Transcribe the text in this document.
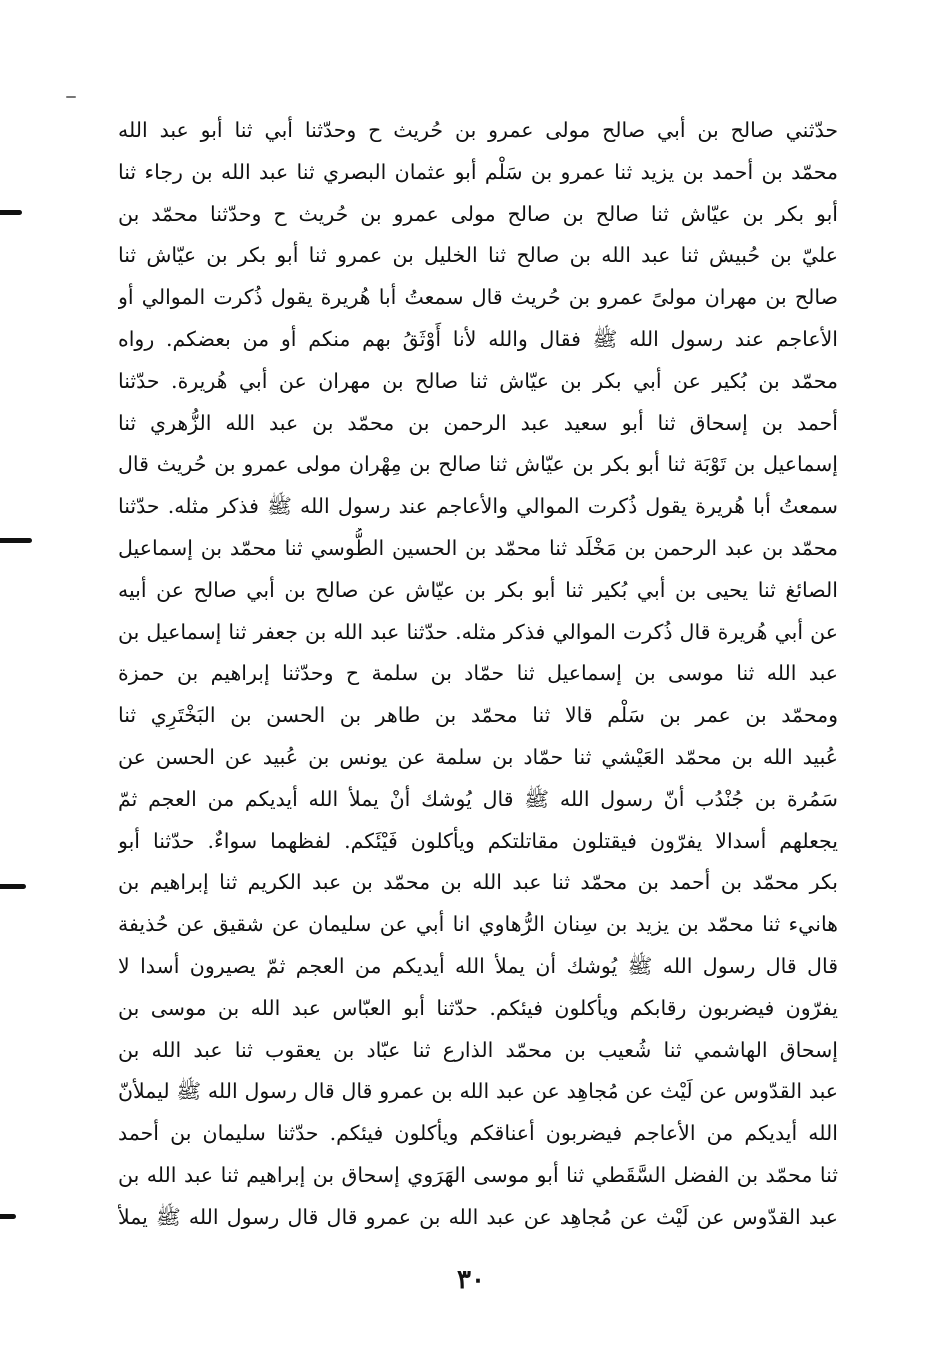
حدّثني صالح بن أبي صالح مولى عمرو بن حُريث ح وحدّثنا أبي ثنا أبو عبد الله
محمّد بن أحمد بن يزيد ثنا عمرو بن سَلْم أبو عثمان البصري ثنا عبد الله بن رجاء ثنا
أبو بكر بن عيّاش ثنا صالح بن صالح مولى عمرو بن حُريث ح وحدّثنا محمّد بن
عليّ بن حُبيش ثنا عبد الله بن صالح ثنا الخليل بن عمرو ثنا أبو بكر بن عيّاش ثنا
صالح بن مهران مولىً عمرو بن حُريث قال سمعتُ أبا هُريرة يقول ذُكرت الموالي أو
الأعاجم عند رسول الله ﷺ فقال والله لأنا أَوْثَقُ بهم منكم أو من بعضكم. رواه
محمّد بن بُكير عن أبي بكر بن عيّاش ثنا صالح بن مهران عن أبي هُريرة. حدّثنا
أحمد بن إسحاق ثنا أبو سعيد عبد الرحمن بن محمّد بن عبد الله الزُّهري ثنا
إسماعيل بن تَوْبَة ثنا أبو بكر بن عيّاش ثنا صالح بن مِهْران مولى عمرو بن حُريث قال
سمعتُ أبا هُريرة يقول ذُكرت الموالي والأعاجم عند رسول الله ﷺ فذكر مثله. حدّثنا
محمّد بن عبد الرحمن بن مَخْلَد ثنا محمّد بن الحسين الطُّوسي ثنا محمّد بن إسماعيل
الصائغ ثنا يحيى بن أبي بُكير ثنا أبو بكر بن عيّاش عن صالح بن أبي صالح عن أبيه
عن أبي هُريرة قال ذُكرت الموالي فذكر مثله. حدّثنا عبد الله بن جعفر ثنا إسماعيل بن
عبد الله ثنا موسى بن إسماعيل ثنا حمّاد بن سلمة ح وحدّثنا إبراهيم بن حمزة
ومحمّد بن عمر بن سَلْم قالا ثنا محمّد بن طاهر بن الحسن بن البَخْتَرِي ثنا
عُبيد الله بن محمّد العَيْشي ثنا حمّاد بن سلمة عن يونس بن عُبيد عن الحسن عن
سَمُرة بن جُنْدُب أنّ رسول الله ﷺ قال يُوشك أنْ يملأ الله أيديكم من العجم ثمّ
يجعلهم أسدالا يفرّون فيقتلون مقاتلتكم ويأكلون فَيْئَكم. لفظهما سواءٌ. حدّثنا أبو
بكر محمّد بن أحمد بن محمّد ثنا عبد الله بن محمّد بن عبد الكريم ثنا إبراهيم بن
هانيء ثنا محمّد بن يزيد بن سِنان الرُّهاوي انا أبي عن سليمان عن شقيق عن حُذيفة
قال قال رسول الله ﷺ يُوشك أن يملأ الله أيديكم من العجم ثمّ يصيرون أسدا لا
يفرّون فيضربون رقابكم ويأكلون فيئكم. حدّثنا أبو العبّاس عبد الله بن موسى بن
إسحاق الهاشمي ثنا شُعيب بن محمّد الذارع ثنا عبّاد بن يعقوب ثنا عبد الله بن
عبد القدّوس عن لَيْث عن مُجاهِد عن عبد الله بن عمرو قال قال رسول الله ﷺ ليملأنّ
الله أيديكم من الأعاجم فيضربون أعناقكم ويأكلون فيئكم. حدّثنا سليمان بن أحمد
ثنا محمّد بن الفضل السَّقَطي ثنا أبو موسى الهَرَوي إسحاق بن إبراهيم ثنا عبد الله بن
عبد القدّوس عن لَيْث عن مُجاهِد عن عبد الله بن عمرو قال قال رسول الله ﷺ يملأ
٣٠
